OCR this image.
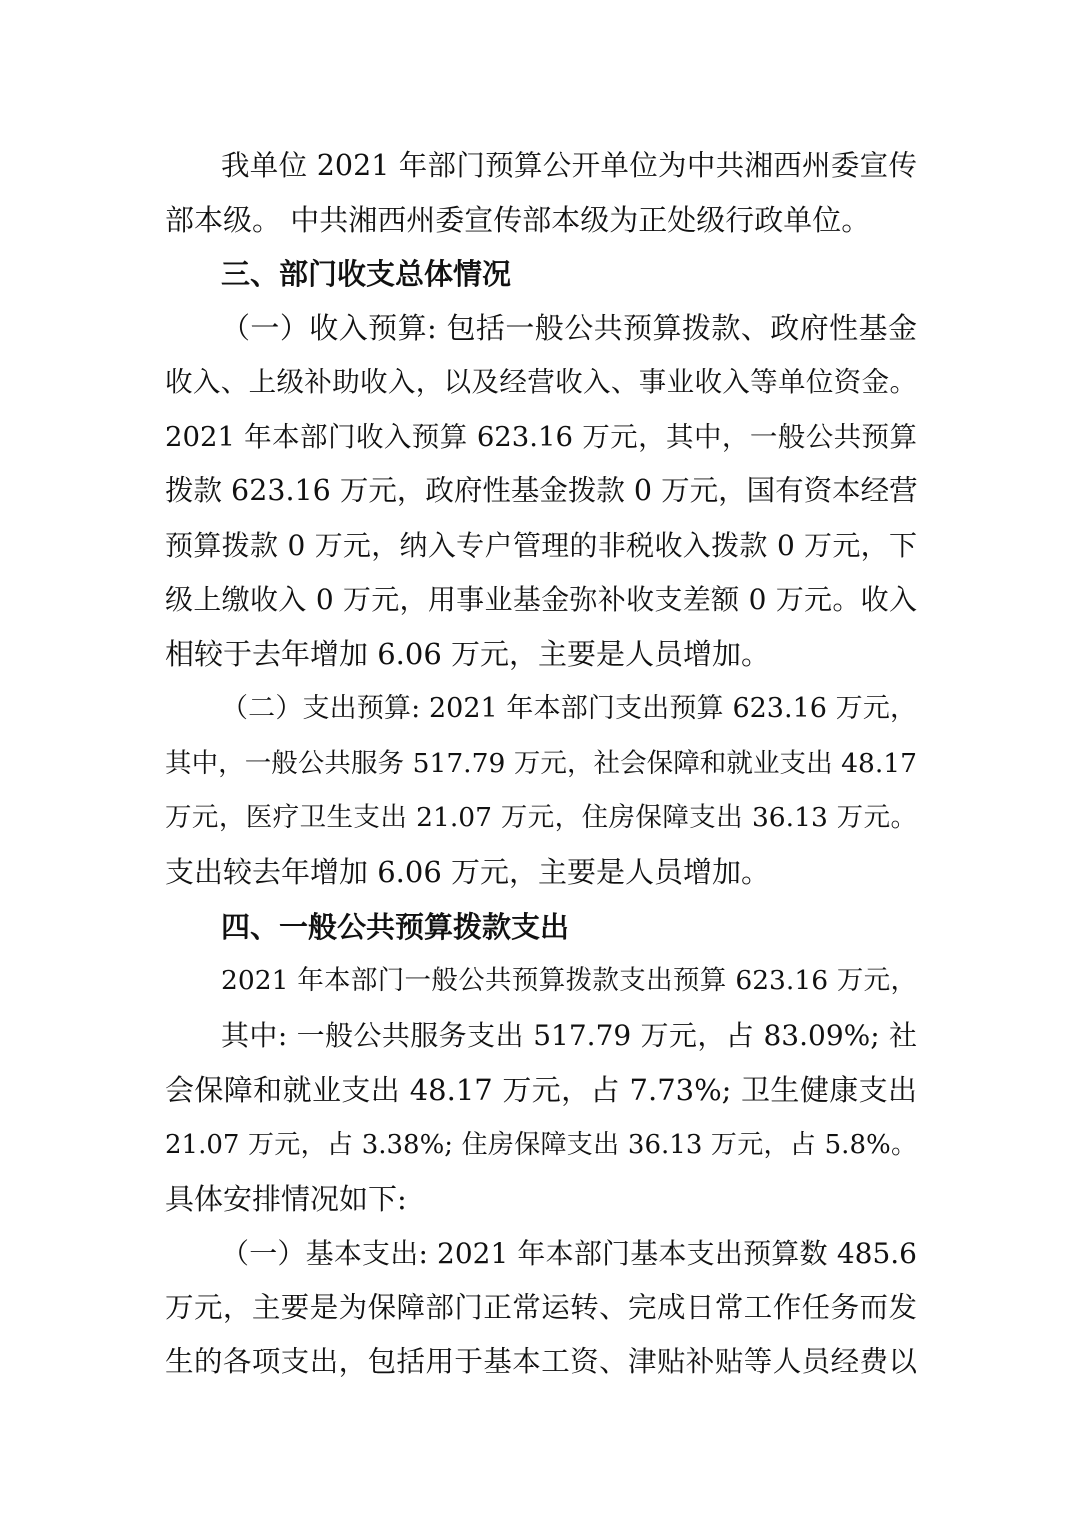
我单位 2021 年部门预算公开单位为中共湘西州委宣传
部本级。 中共湘西州委宣传部本级为正处级行政单位。
三、部门收支总体情况
（一）收入预算: 包括一般公共预算拨款、政府性基金
收入、上级补助收入，以及经营收入、事业收入等单位资金。
2021 年本部门收入预算 623.16 万元，其中，一般公共预算
拨款 623.16 万元，政府性基金拨款 0 万元，国有资本经营
预算拨款 0 万元，纳入专户管理的非税收入拨款 0 万元，下
级上缴收入 0 万元，用事业基金弥补收支差额 0 万元。收入
相较于去年增加 6.06 万元，主要是人员增加。
（二）支出预算: 2021 年本部门支出预算 623.16 万元，
其中，一般公共服务 517.79 万元，社会保障和就业支出 48.17
万元，医疗卫生支出 21.07 万元，住房保障支出 36.13 万元。
支出较去年增加 6.06 万元，主要是人员增加。
四、一般公共预算拨款支出
2021 年本部门一般公共预算拨款支出预算 623.16 万元，
其中: 一般公共服务支出 517.79 万元，占 83.09%; 社
会保障和就业支出 48.17 万元，占 7.73%; 卫生健康支出
21.07 万元，占 3.38%; 住房保障支出 36.13 万元，占 5.8%。
具体安排情况如下:
（一）基本支出: 2021 年本部门基本支出预算数 485.6
万元，主要是为保障部门正常运转、完成日常工作任务而发
生的各项支出，包括用于基本工资、津贴补贴等人员经费以
